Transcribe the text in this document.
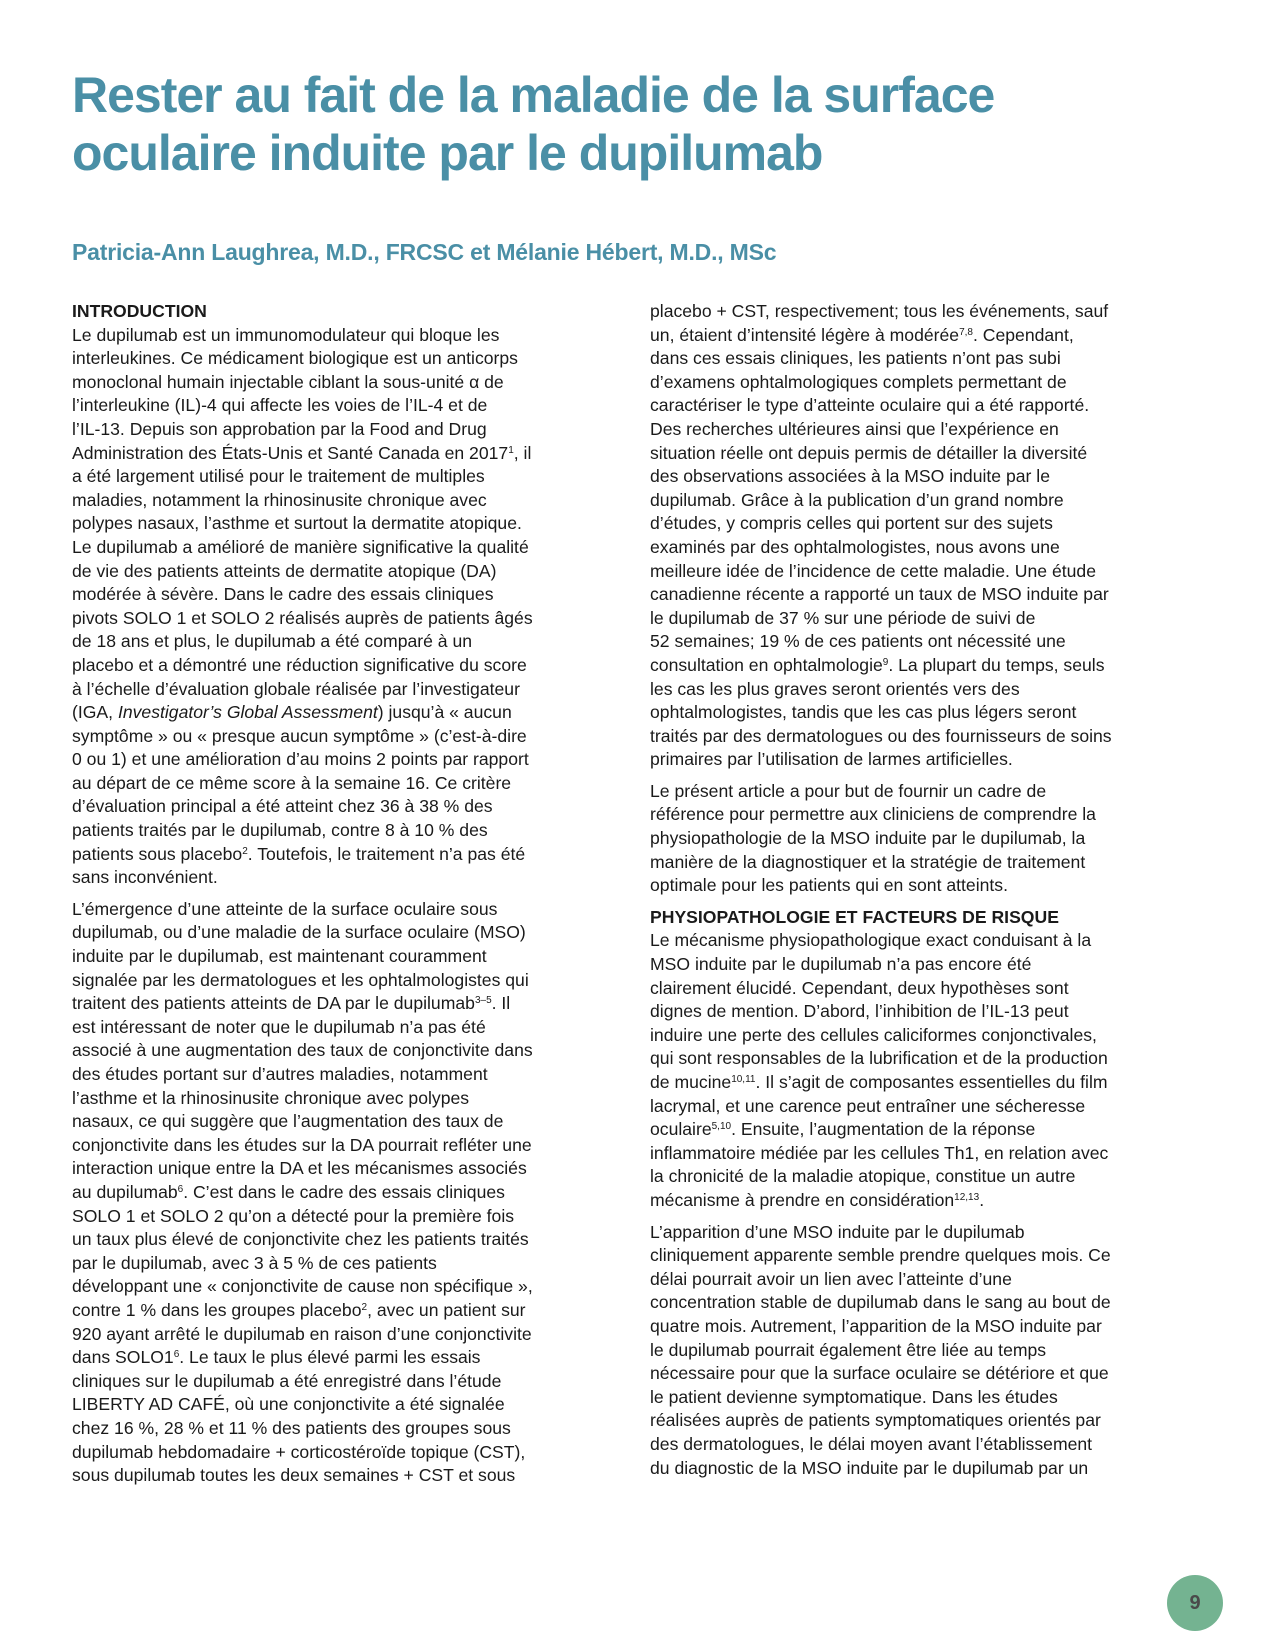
Rester au fait de la maladie de la surface
oculaire induite par le dupilumab
Patricia-Ann Laughrea, M.D., FRCSC et Mélanie Hébert, M.D., MSc
INTRODUCTION
Le dupilumab est un immunomodulateur qui bloque les
interleukines. Ce médicament biologique est un anticorps
monoclonal humain injectable ciblant la sous-unité α de
l’interleukine (IL)-4 qui affecte les voies de l’IL-4 et de
l’IL-13. Depuis son approbation par la Food and Drug
Administration des États-Unis et Santé Canada en 2017$^1$, il
a été largement utilisé pour le traitement de multiples
maladies, notamment la rhinosinusite chronique avec
polypes nasaux, l’asthme et surtout la dermatite atopique.
Le dupilumab a amélioré de manière significative la qualité
de vie des patients atteints de dermatite atopique (DA)
modérée à sévère. Dans le cadre des essais cliniques
pivots SOLO 1 et SOLO 2 réalisés auprès de patients âgés
de 18 ans et plus, le dupilumab a été comparé à un
placebo et a démontré une réduction significative du score
à l’échelle d’évaluation globale réalisée par l’investigateur
(IGA, Investigator’s Global Assessment) jusqu’à « aucun
symptôme » ou « presque aucun symptôme » (c’est-à-dire
0 ou 1) et une amélioration d’au moins 2 points par rapport
au départ de ce même score à la semaine 16. Ce critère
d’évaluation principal a été atteint chez 36 à 38 % des
patients traités par le dupilumab, contre 8 à 10 % des
patients sous placebo$^2$. Toutefois, le traitement n’a pas été
sans inconvénient.
L’émergence d’une atteinte de la surface oculaire sous
dupilumab, ou d’une maladie de la surface oculaire (MSO)
induite par le dupilumab, est maintenant couramment
signalée par les dermatologues et les ophtalmologistes qui
traitent des patients atteints de DA par le dupilumab$^{3-5}$. Il
est intéressant de noter que le dupilumab n’a pas été
associé à une augmentation des taux de conjonctivite dans
des études portant sur d’autres maladies, notamment
l’asthme et la rhinosinusite chronique avec polypes
nasaux, ce qui suggère que l’augmentation des taux de
conjonctivite dans les études sur la DA pourrait refléter une
interaction unique entre la DA et les mécanismes associés
au dupilumab$^6$. C’est dans le cadre des essais cliniques
SOLO 1 et SOLO 2 qu’on a détecté pour la première fois
un taux plus élevé de conjonctivite chez les patients traités
par le dupilumab, avec 3 à 5 % de ces patients
développant une « conjonctivite de cause non spécifique »,
contre 1 % dans les groupes placebo$^2$, avec un patient sur
920 ayant arrêté le dupilumab en raison d’une conjonctivite
dans $SOLO1^6$. Le taux le plus élevé parmi les essais
cliniques sur le dupilumab a été enregistré dans l’étude
LIBERTY AD CAFÉ, où une conjonctivite a été signalée
chez 16 %, 28 % et 11 % des patients des groupes sous
dupilumab hebdomadaire + corticostéroïde topique (CST),
sous dupilumab toutes les deux semaines + CST et sous
placebo + CST, respectivement; tous les événements, sauf
un, étaient d’intensité légère à modérée$^{7,8}$. Cependant,
dans ces essais cliniques, les patients n’ont pas subi
d’examens ophtalmologiques complets permettant de
caractériser le type d’atteinte oculaire qui a été rapporté.
Des recherches ultérieures ainsi que l’expérience en
situation réelle ont depuis permis de détailler la diversité
des observations associées à la MSO induite par le
dupilumab. Grâce à la publication d’un grand nombre
d’études, y compris celles qui portent sur des sujets
examinés par des ophtalmologistes, nous avons une
meilleure idée de l’incidence de cette maladie. Une étude
canadienne récente a rapporté un taux de MSO induite par
le dupilumab de 37 % sur une période de suivi de
52 semaines; 19 % de ces patients ont nécessité une
consultation en ophtalmologie$^9$. La plupart du temps, seuls
les cas les plus graves seront orientés vers des
ophtalmologistes, tandis que les cas plus légers seront
traités par des dermatologues ou des fournisseurs de soins
primaires par l’utilisation de larmes artificielles.
Le présent article a pour but de fournir un cadre de
référence pour permettre aux cliniciens de comprendre la
physiopathologie de la MSO induite par le dupilumab, la
manière de la diagnostiquer et la stratégie de traitement
optimale pour les patients qui en sont atteints.
PHYSIOPATHOLOGIE ET FACTEURS DE RISQUE
Le mécanisme physiopathologique exact conduisant à la
MSO induite par le dupilumab n’a pas encore été
clairement élucidé. Cependant, deux hypothèses sont
dignes de mention. D’abord, l’inhibition de l’IL-13 peut
induire une perte des cellules caliciformes conjonctivales,
qui sont responsables de la lubrification et de la production
de mucine$^{10,11}$. Il s’agit de composantes essentielles du film
lacrymal, et une carence peut entraîner une sécheresse
oculaire$^{5,10}$. Ensuite, l’augmentation de la réponse
inflammatoire médiée par les cellules Th1, en relation avec
la chronicité de la maladie atopique, constitue un autre
mécanisme à prendre en considération$^{12,13}$.
L’apparition d’une MSO induite par le dupilumab
cliniquement apparente semble prendre quelques mois. Ce
délai pourrait avoir un lien avec l’atteinte d’une
concentration stable de dupilumab dans le sang au bout de
quatre mois. Autrement, l’apparition de la MSO induite par
le dupilumab pourrait également être liée au temps
nécessaire pour que la surface oculaire se détériore et que
le patient devienne symptomatique. Dans les études
réalisées auprès de patients symptomatiques orientés par
des dermatologues, le délai moyen avant l’établissement
du diagnostic de la MSO induite par le dupilumab par un
9
